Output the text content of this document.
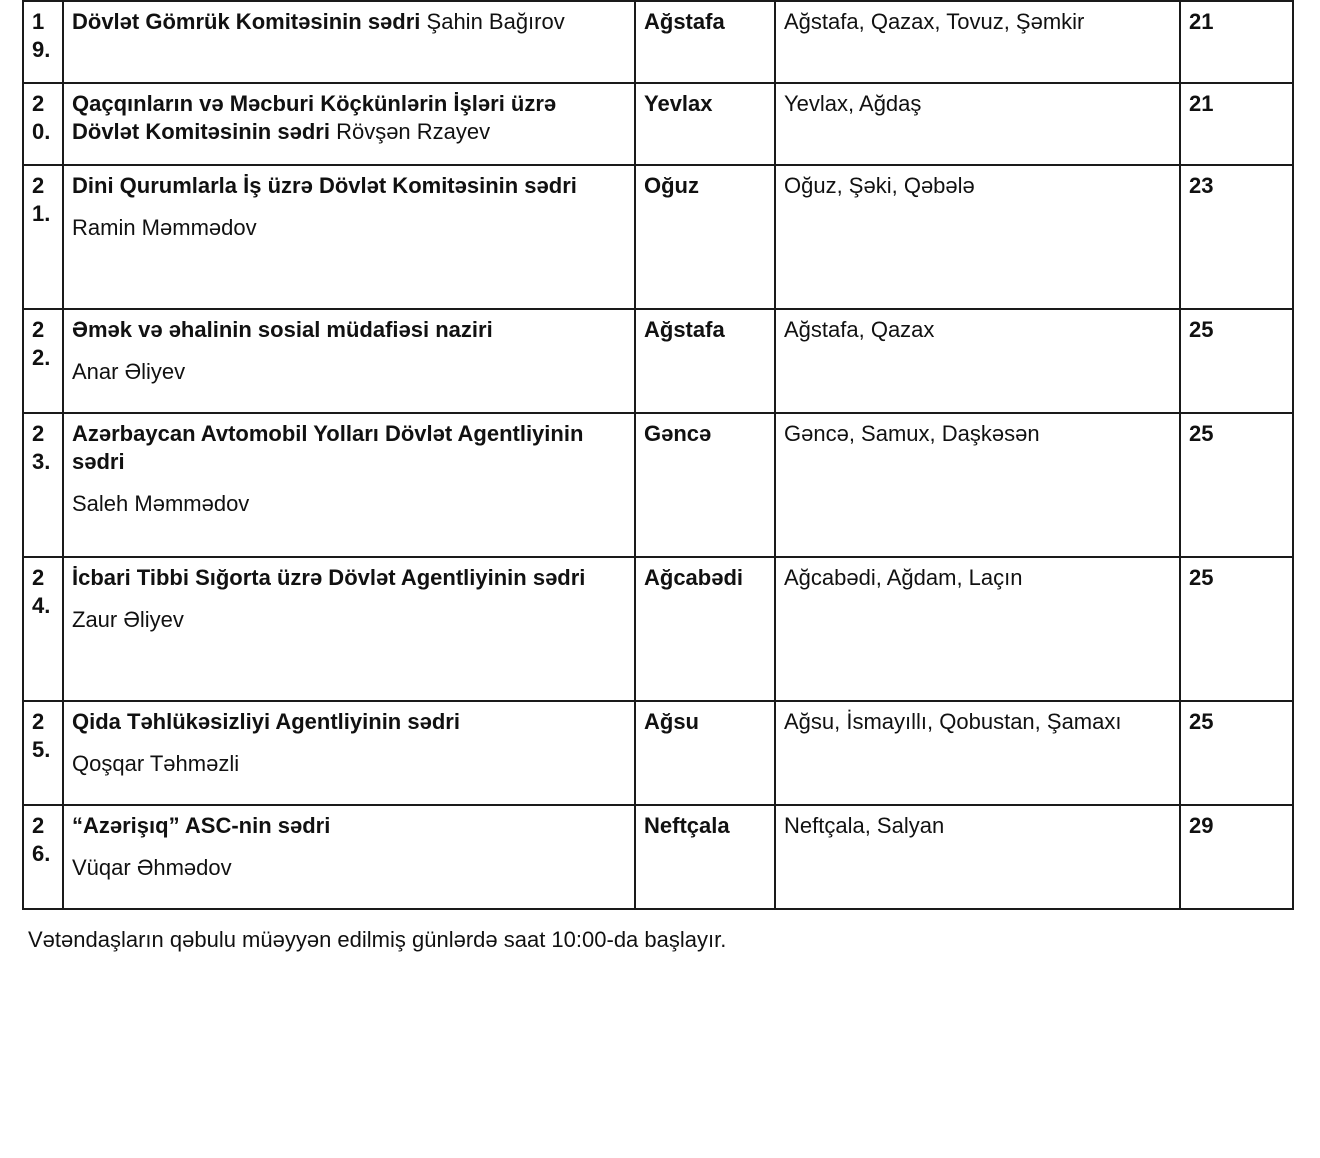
19.	Dövlət Gömrük Komitəsinin sədri Şahin Bağırov	Ağstafa	Ağstafa, Qazax, Tovuz, Şəmkir	21
20.	Qaçqınların və Məcburi Köçkünlərin İşləri üzrə Dövlət Komitəsinin sədri Rövşən Rzayev	Yevlax	Yevlax, Ağdaş	21
21.	Dini Qurumlarla İş üzrə Dövlət Komitəsinin sədri
Ramin Məmmədov	Oğuz	Oğuz, Şəki, Qəbələ	23
22.	Əmək və əhalinin sosial müdafiəsi naziri
Anar Əliyev	Ağstafa	Ağstafa, Qazax	25
23.	Azərbaycan Avtomobil Yolları Dövlət Agentliyinin sədri
Saleh Məmmədov	Gəncə	Gəncə, Samux, Daşkəsən	25
24.	İcbari Tibbi Sığorta üzrə Dövlət Agentliyinin sədri
Zaur Əliyev	Ağcabədi	Ağcabədi, Ağdam, Laçın	25
25.	Qida Təhlükəsizliyi Agentliyinin sədri
Qoşqar Təhməzli	Ağsu	Ağsu, İsmayıllı, Qobustan, Şamaxı	25
26.	“Azərişıq” ASC-nin sədri
Vüqar Əhmədov	Neftçala	Neftçala, Salyan	29

Vətəndaşların qəbulu müəyyən edilmiş günlərdə saat 10:00-da başlayır.
